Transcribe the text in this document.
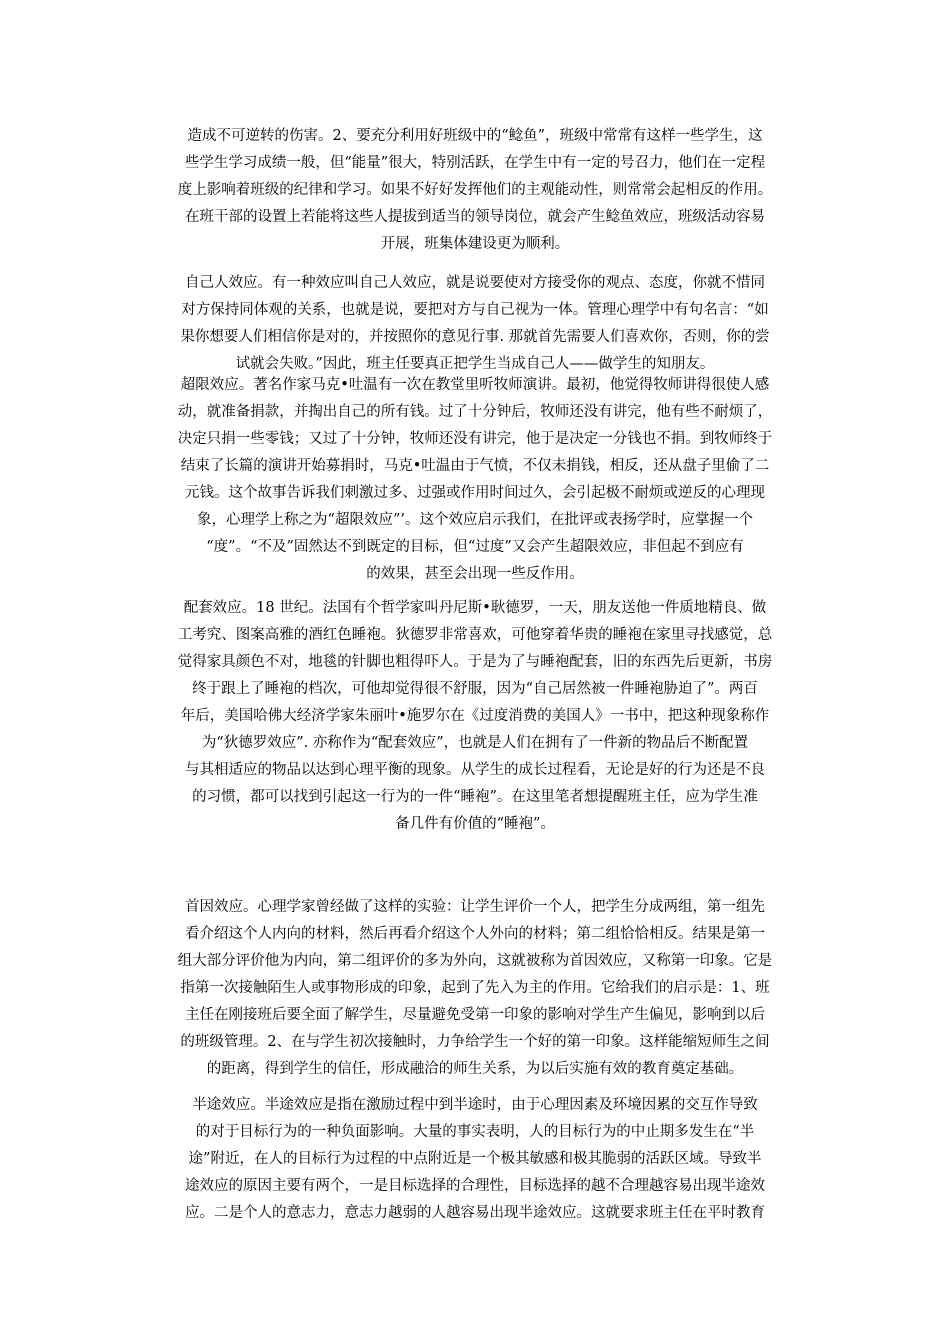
造成不可逆转的伤害。2、要充分利用好班级中的“鲶鱼”，班级中常常有这样一些学生，这
些学生学习成绩一般，但“能量”很大，特别活跃，在学生中有一定的号召力，他们在一定程
度上影响着班级的纪律和学习。如果不好好发挥他们的主观能动性，则常常会起相反的作用。
在班干部的设置上若能将这些人提拔到适当的领导岗位，就会产生鲶鱼效应，班级活动容易
开展，班集体建设更为顺利。
自己人效应。有一种效应叫自己人效应，就是说要使对方接受你的观点、态度，你就不惜同
对方保持同体观的关系，也就是说，要把对方与自己视为一体。管理心理学中有句名言：“如
果你想要人们相信你是对的，并按照你的意见行事. 那就首先需要人们喜欢你，否则，你的尝
试就会失败。”因此，班主任要真正把学生当成自己人——做学生的知朋友。
超限效应。著名作家马克•吐温有一次在教堂里听牧师演讲。最初，他觉得牧师讲得很使人感
动，就准备捐款，并掏出自己的所有钱。过了十分钟后，牧师还没有讲完，他有些不耐烦了，
决定只捐一些零钱；又过了十分钟，牧师还没有讲完，他于是决定一分钱也不捐。到牧师终于
结束了长篇的演讲开始募捐时，马克•吐温由于气愤，不仅未捐钱，相反，还从盘子里偷了二
元钱。这个故事告诉我们刺激过多、过强或作用时间过久，会引起极不耐烦或逆反的心理现
象，心理学上称之为“超限效应”’。这个效应启示我们，在批评或表扬学时，应掌握一个
“度”。“不及”固然达不到既定的目标，但“过度”又会产生超限效应，非但起不到应有
的效果，甚至会出现一些反作用。
配套效应。18 世纪。法国有个哲学家叫丹尼斯•耿德罗，一天，朋友送他一件质地精良、做
工考究、图案高雅的酒红色睡袍。狄德罗非常喜欢，可他穿着华贵的睡袍在家里寻找感觉，总
觉得家具颜色不对，地毯的针脚也粗得吓人。于是为了与睡袍配套，旧的东西先后更新，书房
终于跟上了睡袍的档次，可他却觉得很不舒服，因为“自己居然被一件睡袍胁迫了”。两百
年后，美国哈佛大经济学家朱丽叶•施罗尔在《过度消费的美国人》一书中，把这种现象称作
为“狄德罗效应”. 亦称作为“配套效应”，也就是人们在拥有了一件新的物品后不断配置
与其相适应的物品以达到心理平衡的现象。从学生的成长过程看，无论是好的行为还是不良
的习惯，都可以找到引起这一行为的一件“睡袍”。在这里笔者想提醒班主任，应为学生准
备几件有价值的“睡袍”。
首因效应。心理学家曾经做了这样的实验：让学生评价一个人，把学生分成两组，第一组先
看介绍这个人内向的材料，然后再看介绍这个人外向的材料；第二组恰恰相反。结果是第一
组大部分评价他为内向，第二组评价的多为外向，这就被称为首因效应，又称第一印象。它是
指第一次接触陌生人或事物形成的印象，起到了先入为主的作用。它给我们的启示是：1、班
主任在刚接班后要全面了解学生，尽量避免受第一印象的影响对学生产生偏见，影响到以后
的班级管理。2、在与学生初次接触时，力争给学生一个好的第一印象。这样能缩短师生之间
的距离，得到学生的信任，形成融洽的师生关系，为以后实施有效的教育奠定基础。
半途效应。半途效应是指在激励过程中到半途时，由于心理因素及环境因累的交互作导致
的对于目标行为的一种负面影响。大量的事实表明，人的目标行为的中止期多发生在“半
途”附近，在人的目标行为过程的中点附近是一个极其敏感和极其脆弱的活跃区域。导致半
途效应的原因主要有两个，一是目标选择的合理性，目标选择的越不合理越容易出现半途效
应。二是个人的意志力，意志力越弱的人越容易出现半途效应。这就要求班主任在平时教育
